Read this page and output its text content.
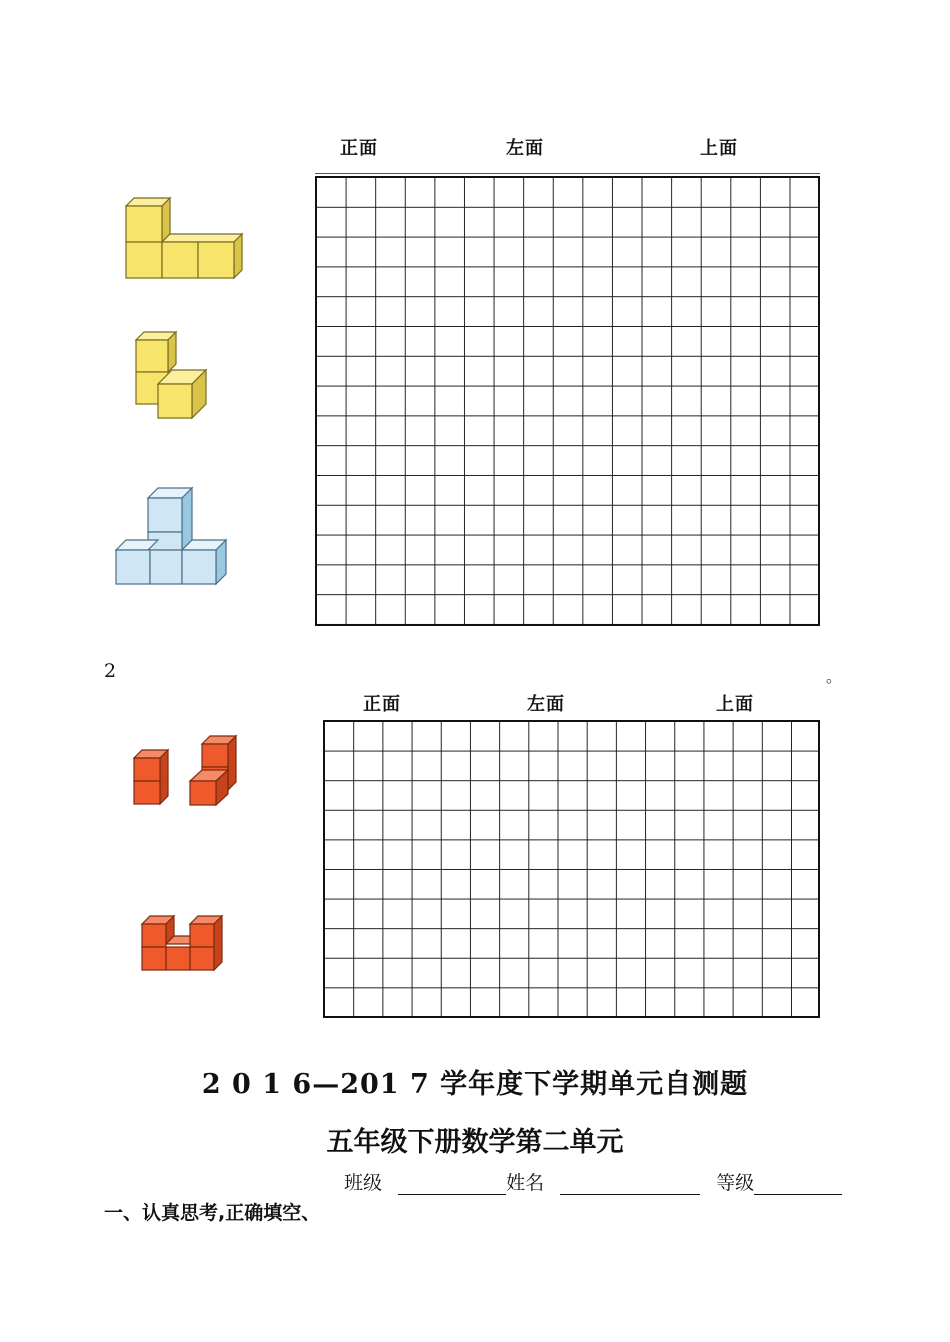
正面	左面	上面
2	。
正面	左面	上面
2 0 1 6—201 7 学年度下学期单元自测题
五年级下册数学第二单元
班级	姓名	等级
一、认真思考,正确填空、
